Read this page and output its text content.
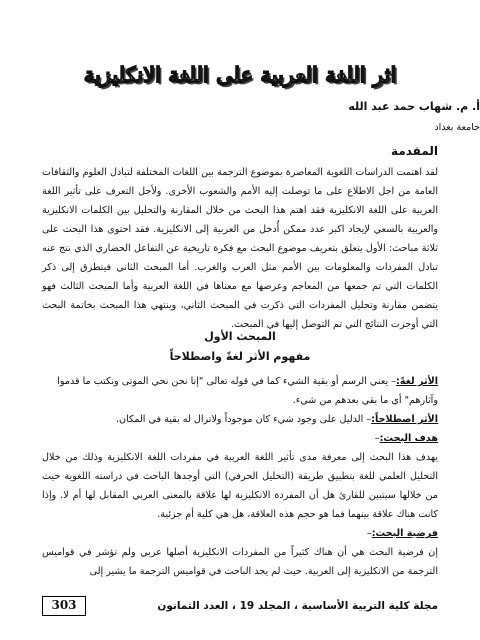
اثر اللغة العربية على اللغة الانكليزية
أ. م. شهاب حمد عبد الله
جامعة بغداد
المقدمة
لقد اهتمت الدراسات اللغوية المعاصرة بموضوع الترجمة بين اللغات المختلفة لتبادل العلوم والثقافات العامة من اجل الاطلاع على ما توصلت إليه الأمم والشعوب الأخرى. ولأجل التعرف على تأثير اللغة العربية على اللغة الانكليزية فقد اهتم هذا البحث من خلال المقارنة والتحليل بين الكلمات الانكليزية والعربية بالسعي لإيجاد اكبر عدد ممكن أُدخل من العربية إلى الانكليزية. فقد احتوى هذا البحث على ثلاثة مباحث: الأول يتعلق بتعريف موضوع البحث مع فكرة تاريخية عن التفاعل الحضاري الذي نتج عنه تبادل المفردات والمعلومات بين الأمم مثل العرب والغرب. أما المبحث الثاني فيتطرق إلى ذكر الكلمات التي تم جمعها من المعاجم وعرضها مع معناها في اللغة العربية وأما المبحث الثالث فهو يتضمن مقارنة وتحليل المفردات التي ذكرت في المبحث الثاني، وينتهي هذا المبحث بخاتمة البحث التي أوجزت النتائج التي تم التوصل إليها في المبحث.
المبحث الأول
مفهوم الأثر لغةً واصطلاحاً
الأثر لغةً:– يعني الرسم أو بقية الشيء كما في قوله تعالى "إنا نحن نحي الموتى ونكتب ما قدموا وآثارهم" أي ما بقي بعدهم من شيء.
الأثر اصطلاحاً:– الدليل على وجود شيء كان موجوداً ولاتزال له بقية في المكان.
هدف البحث:–
يهدف هذا البحث إلى معرفة مدى تأثير اللغة العربية في مفردات اللغة الانكليزية وذلك من خلال التحليل العلمي للغة بتطبيق طريقة (التحليل الحرفي) التي أوجدها الباحث في دراسته اللغوية حيث من خلالها سيتبين للقارئ هل أن المفردة الانكليزية لها علاقة بالمعنى العربي المقابل لها أم لا. وإذا كانت هناك علاقة بينهما فما هو حجم هذه العلاقة، هل هي كلية أم جزئية.
فرضية البحث:–
إن فرضية البحث هي أن هناك كثيراً من المفردات الانكليزية أصلها عربي ولم تؤشر في قواميس الترجمة من الانكليزية إلى العربية. حيث لم يجد الباحث في قواميس الترجمة ما يشير إلى
مجلة كلية التربية الأساسية ، المجلد 19 ، العدد الثمانون
303
